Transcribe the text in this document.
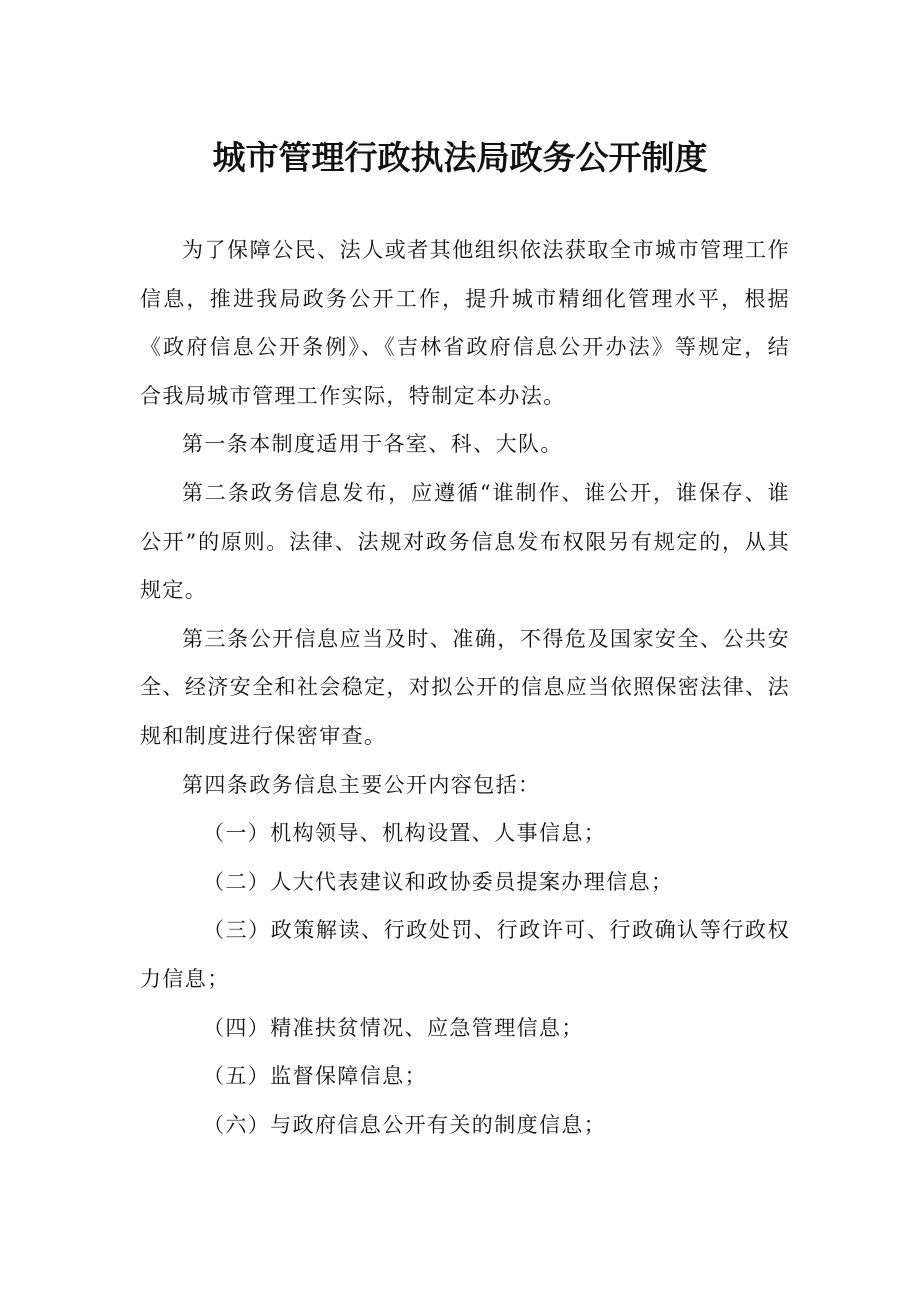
城市管理行政执法局政务公开制度

为了保障公民、法人或者其他组织依法获取全市城市管理工作信息，推进我局政务公开工作，提升城市精细化管理水平，根据《政府信息公开条例》、《吉林省政府信息公开办法》等规定，结合我局城市管理工作实际，特制定本办法。

第一条本制度适用于各室、科、大队。

第二条政务信息发布，应遵循“谁制作、谁公开，谁保存、谁公开”的原则。法律、法规对政务信息发布权限另有规定的，从其规定。

第三条公开信息应当及时、准确，不得危及国家安全、公共安全、经济安全和社会稳定，对拟公开的信息应当依照保密法律、法规和制度进行保密审查。

第四条政务信息主要公开内容包括：

（一）机构领导、机构设置、人事信息；

（二）人大代表建议和政协委员提案办理信息；

（三）政策解读、行政处罚、行政许可、行政确认等行政权力信息；

（四）精准扶贫情况、应急管理信息；

（五）监督保障信息；

（六）与政府信息公开有关的制度信息；
